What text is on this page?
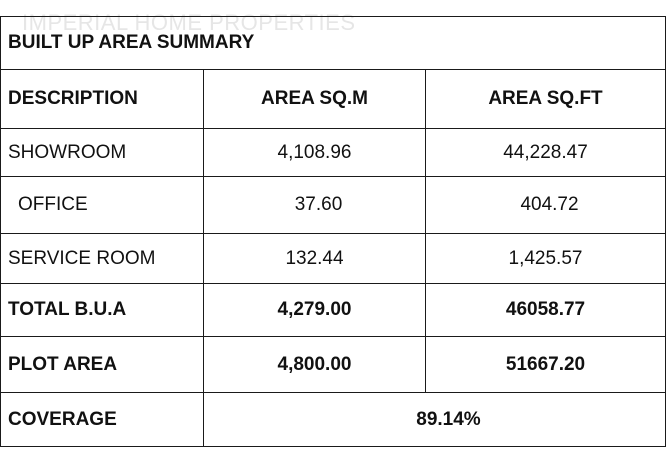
IMPERIAL HOME PROPERTIES
BUILT UP AREA SUMMARY		
DESCRIPTION	AREA SQ.M	AREA SQ.FT
SHOWROOM	4,108.96	44,228.47
OFFICE	37.60	404.72
SERVICE ROOM	132.44	1,425.57
TOTAL B.U.A	4,279.00	46058.77
PLOT AREA	4,800.00	51667.20
COVERAGE	89.14%	
